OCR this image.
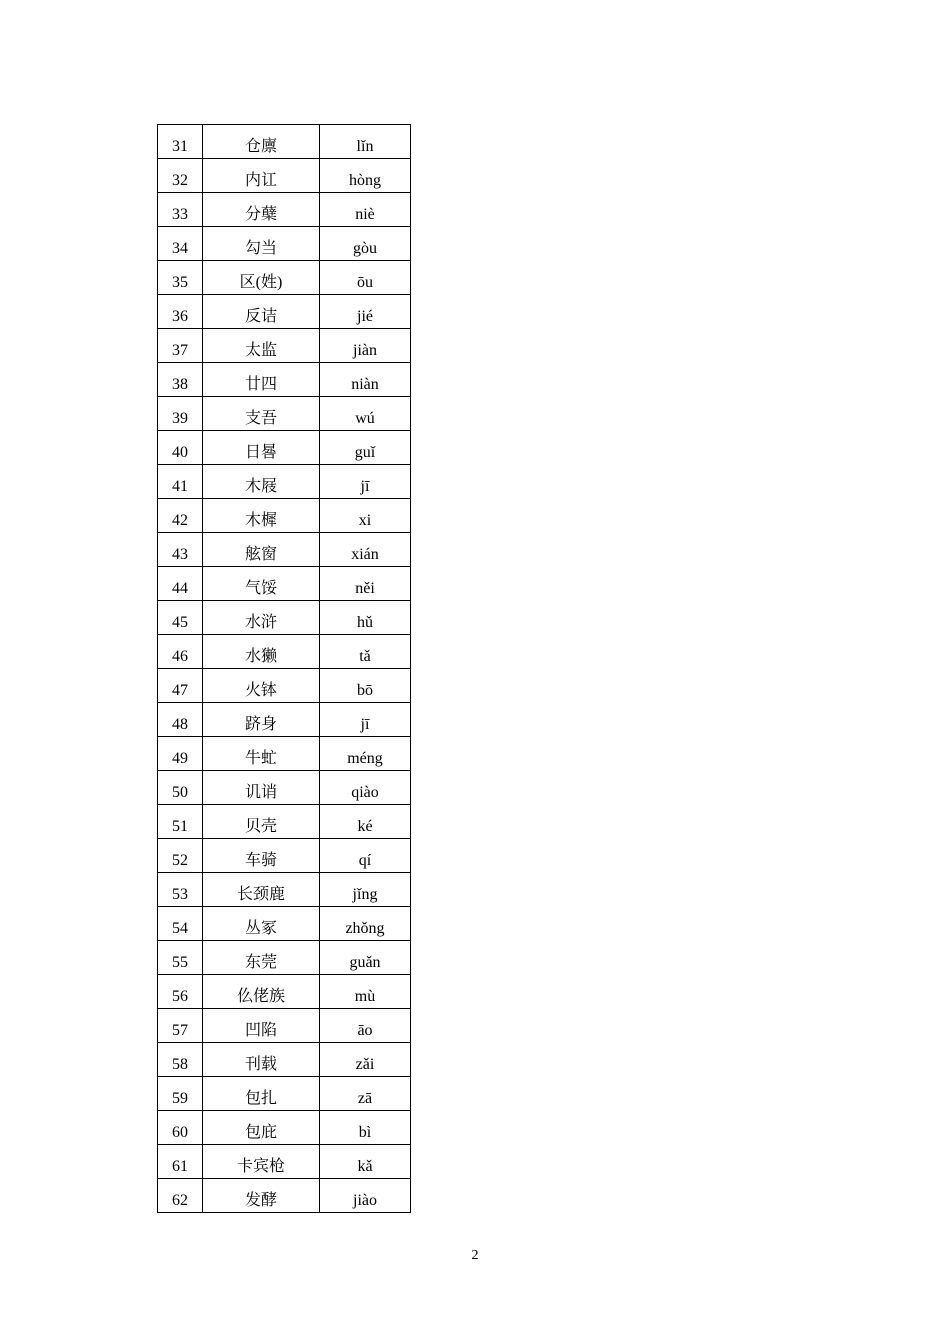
31	仓廪	lǐn
32	内讧	hòng
33	分蘖	niè
34	勾当	gòu
35	区(姓)	ōu
36	反诘	jié
37	太监	jiàn
38	廿四	niàn
39	支吾	wú
40	日晷	guǐ
41	木屐	jī
42	木樨	xi
43	舷窗	xián
44	气馁	něi
45	水浒	hǔ
46	水獭	tǎ
47	火钵	bō
48	跻身	jī
49	牛虻	méng
50	讥诮	qiào
51	贝壳	ké
52	车骑	qí
53	长颈鹿	jǐng
54	丛冢	zhǒng
55	东莞	guǎn
56	仫佬族	mù
57	凹陷	āo
58	刊载	zǎi
59	包扎	zā
60	包庇	bì
61	卡宾枪	kǎ
62	发酵	jiào
2
